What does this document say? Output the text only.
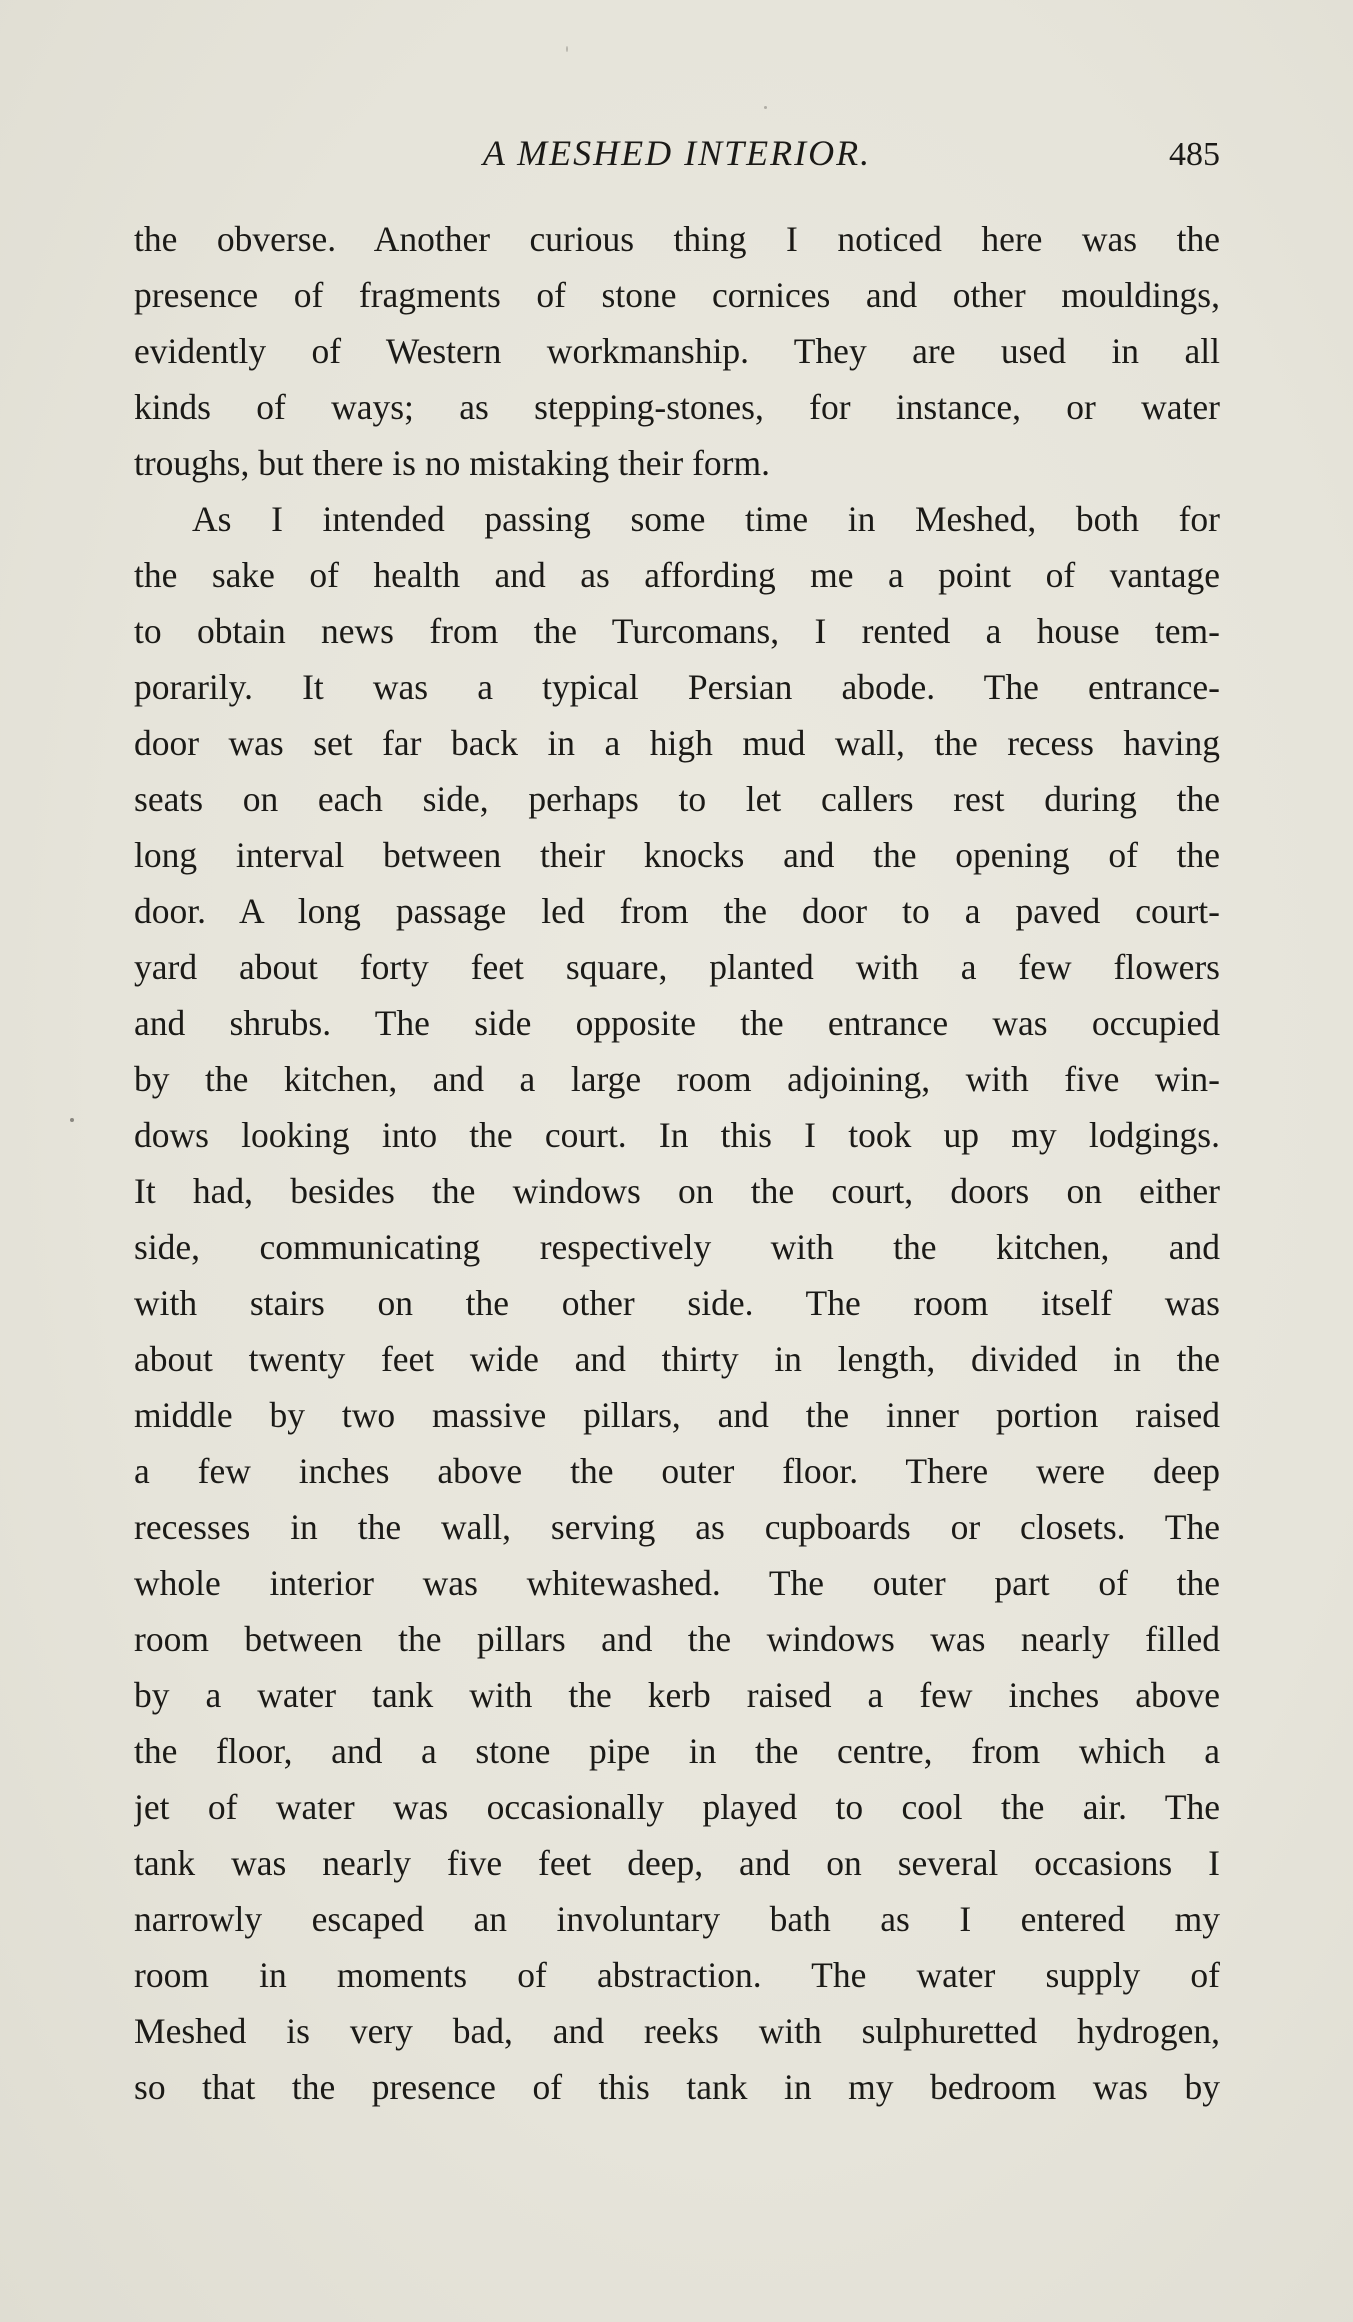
A MESHED INTERIOR.	485
the obverse. Another curious thing I noticed here was the
presence of fragments of stone cornices and other mouldings,
evidently of Western workmanship. They are used in all
kinds of ways; as stepping-stones, for instance, or water
troughs, but there is no mistaking their form.
As I intended passing some time in Meshed, both for
the sake of health and as affording me a point of vantage
to obtain news from the Turcomans, I rented a house tem-
porarily. It was a typical Persian abode. The entrance-
door was set far back in a high mud wall, the recess having
seats on each side, perhaps to let callers rest during the
long interval between their knocks and the opening of the
door. A long passage led from the door to a paved court-
yard about forty feet square, planted with a few flowers
and shrubs. The side opposite the entrance was occupied
by the kitchen, and a large room adjoining, with five win-
dows looking into the court. In this I took up my lodgings.
It had, besides the windows on the court, doors on either
side, communicating respectively with the kitchen, and
with stairs on the other side. The room itself was
about twenty feet wide and thirty in length, divided in the
middle by two massive pillars, and the inner portion raised
a few inches above the outer floor. There were deep
recesses in the wall, serving as cupboards or closets. The
whole interior was whitewashed. The outer part of the
room between the pillars and the windows was nearly filled
by a water tank with the kerb raised a few inches above
the floor, and a stone pipe in the centre, from which a
jet of water was occasionally played to cool the air. The
tank was nearly five feet deep, and on several occasions I
narrowly escaped an involuntary bath as I entered my
room in moments of abstraction. The water supply of
Meshed is very bad, and reeks with sulphuretted hydrogen,
so that the presence of this tank in my bedroom was by
